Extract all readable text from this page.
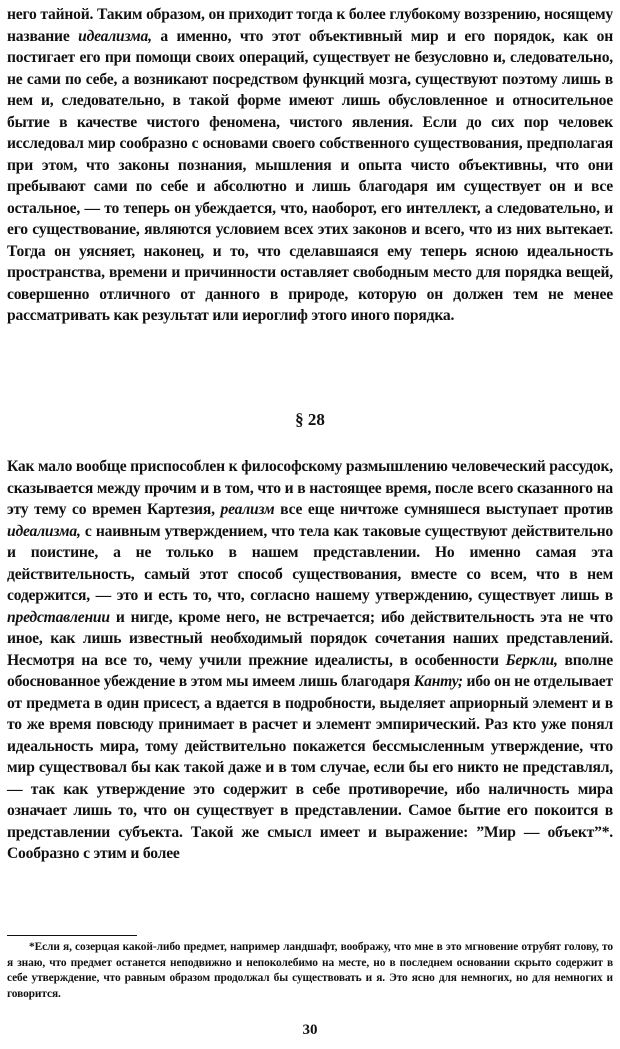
него тайной. Таким образом, он приходит тогда к более глубокому воззрению, носящему название идеализма, а именно, что этот объективный мир и его порядок, как он постигает его при помощи своих операций, существует не безусловно и, следовательно, не сами по себе, а возникают посредством функций мозга, существуют поэтому лишь в нем и, следовательно, в такой форме имеют лишь обусловленное и относительное бытие в качестве чистого феномена, чистого явления. Если до сих пор человек исследовал мир сообразно с основами своего собственного существования, предполагая при этом, что законы познания, мышления и опыта чисто объективны, что они пребывают сами по себе и абсолютно и лишь благодаря им существует он и все остальное, — то теперь он убеждается, что, наоборот, его интеллект, а следовательно, и его существование, являются условием всех этих законов и всего, что из них вытекает. Тогда он уясняет, наконец, и то, что сделавшаяся ему теперь ясною идеальность пространства, времени и причинности оставляет свободным место для порядка вещей, совершенно отличного от данного в природе, которую он должен тем не менее рассматривать как результат или иероглиф этого иного порядка.

§ 28

Как мало вообще приспособлен к философскому размышлению человеческий рассудок, сказывается между прочим и в том, что и в настоящее время, после всего сказанного на эту тему со времен Картезия, реализм все еще ничтоже сумняшеся выступает против идеализма, с наивным утверждением, что тела как таковые существуют действительно и поистине, а не только в нашем представлении. Но именно самая эта действительность, самый этот способ существования, вместе со всем, что в нем содержится, — это и есть то, что, согласно нашему утверждению, существует лишь в представлении и нигде, кроме него, не встречается; ибо действительность эта не что иное, как лишь известный необходимый порядок сочетания наших представлений. Несмотря на все то, чему учили прежние идеалисты, в особенности Беркли, вполне обоснованное убеждение в этом мы имеем лишь благодаря Канту; ибо он не отделывает от предмета в один присест, а вдается в подробности, выделяет априорный элемент и в то же время повсюду принимает в расчет и элемент эмпирический. Раз кто уже понял идеальность мира, тому действительно покажется бессмысленным утверждение, что мир существовал бы как такой даже и в том случае, если бы его никто не представлял, — так как утверждение это содержит в себе противоречие, ибо наличность мира означает лишь то, что он существует в представлении. Самое бытие его покоится в представлении субъекта. Такой же смысл имеет и выражение: ”Мир — объект”*. Сообразно с этим и более

*Если я, созерцая какой-либо предмет, например ландшафт, воображу, что мне в это мгновение отрубят голову, то я знаю, что предмет останется неподвижно и непоколебимо на месте, но в последнем основании скрыто содержит в себе утверждение, что равным образом продолжал бы существовать и я. Это ясно для немногих, но для немногих и говорится.

30
